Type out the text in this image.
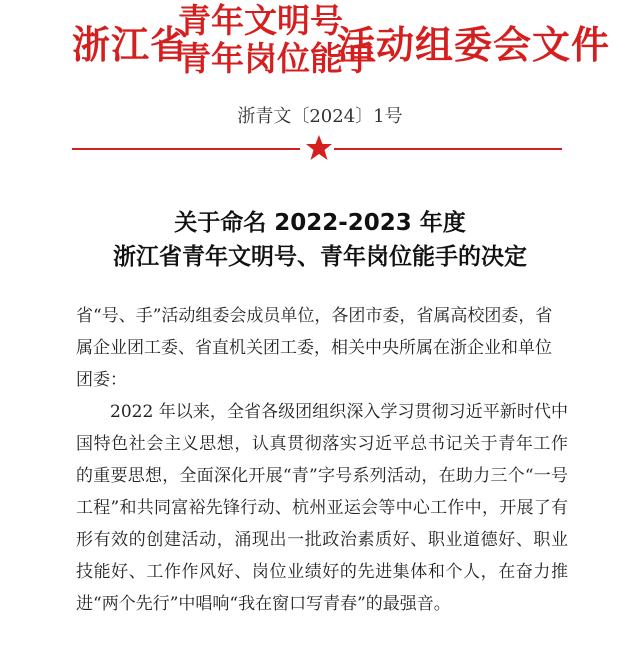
浙江省
青年文明号
青年岗位能手
活动组委会文件
浙青文〔2024〕1号
关于命名 2022-2023 年度
浙江省青年文明号、青年岗位能手的决定
省“号、手”活动组委会成员单位，各团市委，省属高校团委，省属企业团工委、省直机关团工委，相关中央所属在浙企业和单位团委：
2022 年以来，全省各级团组织深入学习贯彻习近平新时代中国特色社会主义思想，认真贯彻落实习近平总书记关于青年工作的重要思想，全面深化开展“青”字号系列活动，在助力三个“一号工程”和共同富裕先锋行动、杭州亚运会等中心工作中，开展了有形有效的创建活动，涌现出一批政治素质好、职业道德好、职业技能好、工作作风好、岗位业绩好的先进集体和个人，在奋力推进“两个先行”中唱响“我在窗口写青春”的最强音。
